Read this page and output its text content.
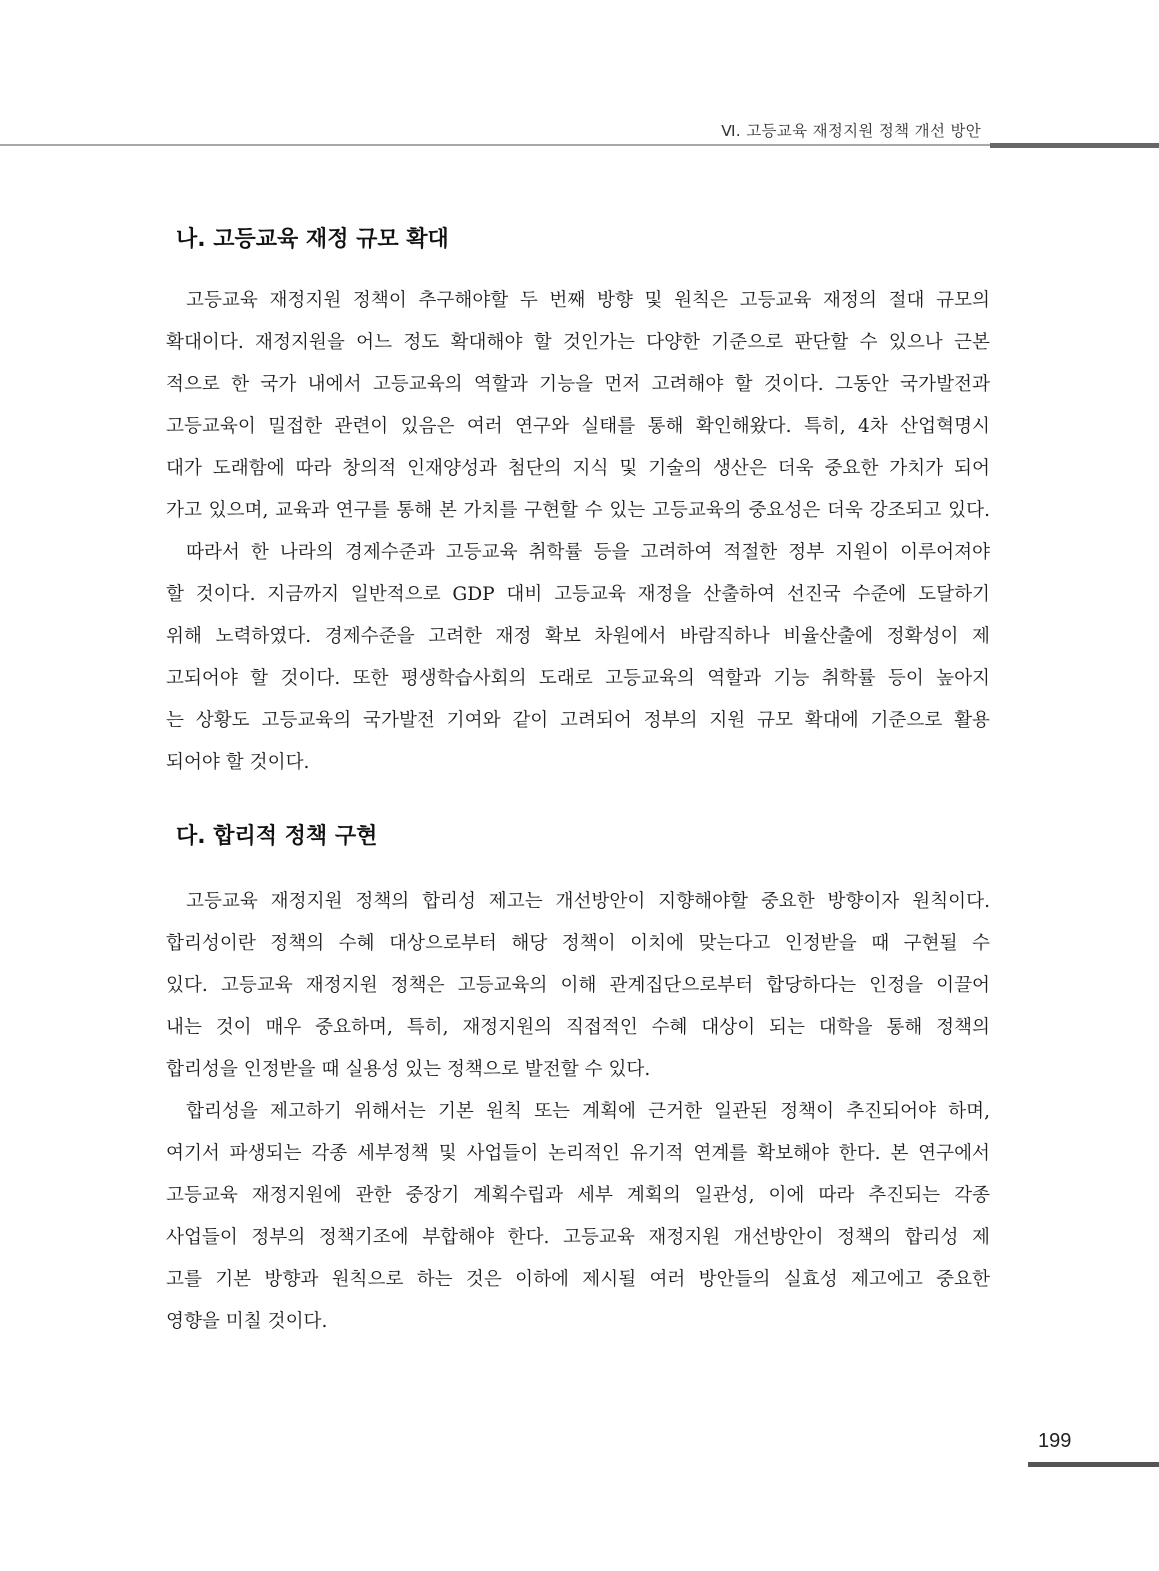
Ⅵ. 고등교육 재정지원 정책 개선 방안
나. 고등교육 재정 규모 확대
고등교육 재정지원 정책이 추구해야할 두 번째 방향 및 원칙은 고등교육 재정의 절대 규모의
확대이다. 재정지원을 어느 정도 확대해야 할 것인가는 다양한 기준으로 판단할 수 있으나 근본
적으로 한 국가 내에서 고등교육의 역할과 기능을 먼저 고려해야 할 것이다. 그동안 국가발전과
고등교육이 밀접한 관련이 있음은 여러 연구와 실태를 통해 확인해왔다. 특히, 4차 산업혁명시
대가 도래함에 따라 창의적 인재양성과 첨단의 지식 및 기술의 생산은 더욱 중요한 가치가 되어
가고 있으며, 교육과 연구를 통해 본 가치를 구현할 수 있는 고등교육의 중요성은 더욱 강조되고 있다.
따라서 한 나라의 경제수준과 고등교육 취학률 등을 고려하여 적절한 정부 지원이 이루어져야
할 것이다. 지금까지 일반적으로 GDP 대비 고등교육 재정을 산출하여 선진국 수준에 도달하기
위해 노력하였다. 경제수준을 고려한 재정 확보 차원에서 바람직하나 비율산출에 정확성이 제
고되어야 할 것이다. 또한 평생학습사회의 도래로 고등교육의 역할과 기능 취학률 등이 높아지
는 상황도 고등교육의 국가발전 기여와 같이 고려되어 정부의 지원 규모 확대에 기준으로 활용
되어야 할 것이다.
다. 합리적 정책 구현
고등교육 재정지원 정책의 합리성 제고는 개선방안이 지향해야할 중요한 방향이자 원칙이다.
합리성이란 정책의 수혜 대상으로부터 해당 정책이 이치에 맞는다고 인정받을 때 구현될 수
있다. 고등교육 재정지원 정책은 고등교육의 이해 관계집단으로부터 합당하다는 인정을 이끌어
내는 것이 매우 중요하며, 특히, 재정지원의 직접적인 수혜 대상이 되는 대학을 통해 정책의
합리성을 인정받을 때 실용성 있는 정책으로 발전할 수 있다.
합리성을 제고하기 위해서는 기본 원칙 또는 계획에 근거한 일관된 정책이 추진되어야 하며,
여기서 파생되는 각종 세부정책 및 사업들이 논리적인 유기적 연계를 확보해야 한다. 본 연구에서
고등교육 재정지원에 관한 중장기 계획수립과 세부 계획의 일관성, 이에 따라 추진되는 각종
사업들이 정부의 정책기조에 부합해야 한다. 고등교육 재정지원 개선방안이 정책의 합리성 제
고를 기본 방향과 원칙으로 하는 것은 이하에 제시될 여러 방안들의 실효성 제고에고 중요한
영향을 미칠 것이다.
199
